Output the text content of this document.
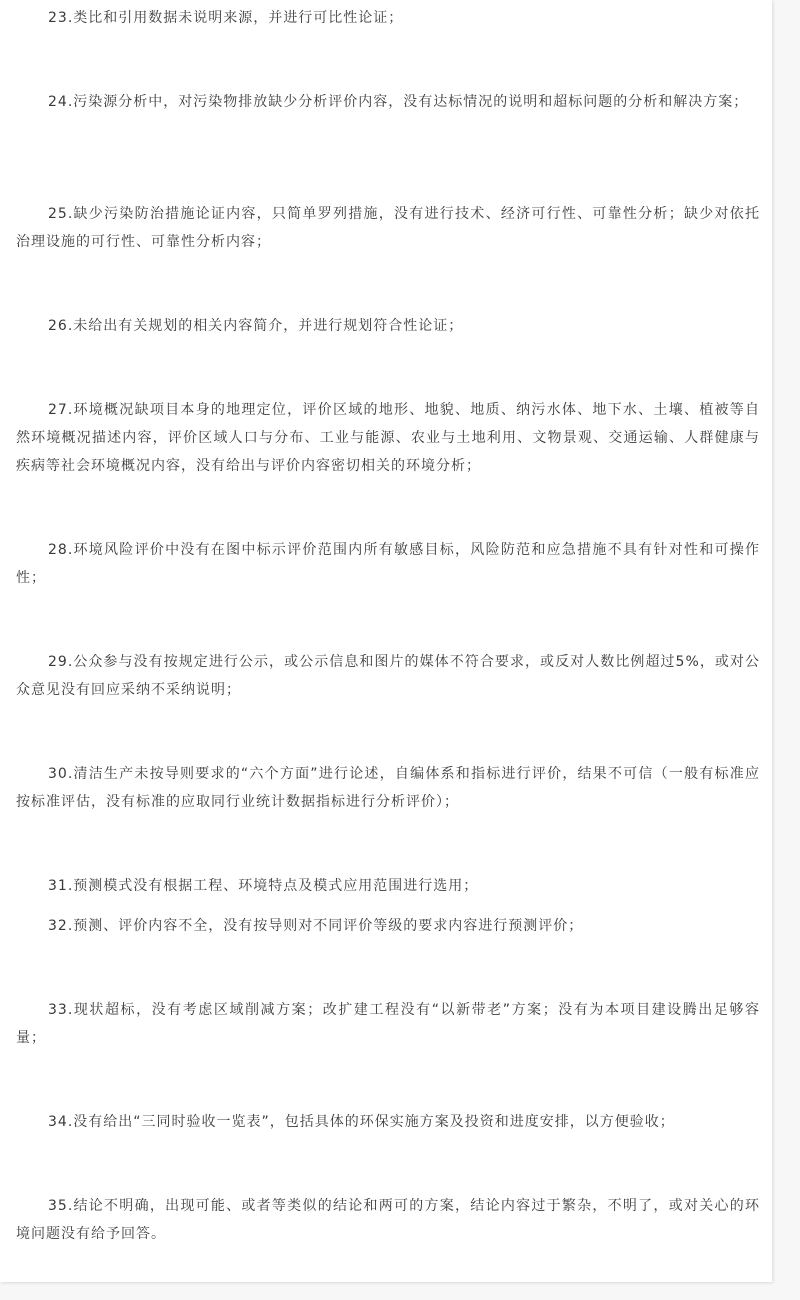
23.类比和引用数据未说明来源，并进行可比性论证；

24.污染源分析中，对污染物排放缺少分析评价内容，没有达标情况的说明和超标问题的分析和解决方案；

25.缺少污染防治措施论证内容，只简单罗列措施，没有进行技术、经济可行性、可靠性分析；缺少对依托治理设施的可行性、可靠性分析内容；

26.未给出有关规划的相关内容简介，并进行规划符合性论证；

27.环境概况缺项目本身的地理定位，评价区域的地形、地貌、地质、纳污水体、地下水、土壤、植被等自然环境概况描述内容，评价区域人口与分布、工业与能源、农业与土地利用、文物景观、交通运输、人群健康与疾病等社会环境概况内容，没有给出与评价内容密切相关的环境分析；

28.环境风险评价中没有在图中标示评价范围内所有敏感目标，风险防范和应急措施不具有针对性和可操作性；

29.公众参与没有按规定进行公示，或公示信息和图片的媒体不符合要求，或反对人数比例超过5%，或对公众意见没有回应采纳不采纳说明；

30.清洁生产未按导则要求的“六个方面”进行论述，自编体系和指标进行评价，结果不可信（一般有标准应按标准评估，没有标准的应取同行业统计数据指标进行分析评价）；

31.预测模式没有根据工程、环境特点及模式应用范围进行选用；

32.预测、评价内容不全，没有按导则对不同评价等级的要求内容进行预测评价；

33.现状超标，没有考虑区域削减方案；改扩建工程没有“以新带老”方案；没有为本项目建设腾出足够容量；

34.没有给出“三同时验收一览表”，包括具体的环保实施方案及投资和进度安排，以方便验收；

35.结论不明确，出现可能、或者等类似的结论和两可的方案，结论内容过于繁杂，不明了，或对关心的环境问题没有给予回答。
